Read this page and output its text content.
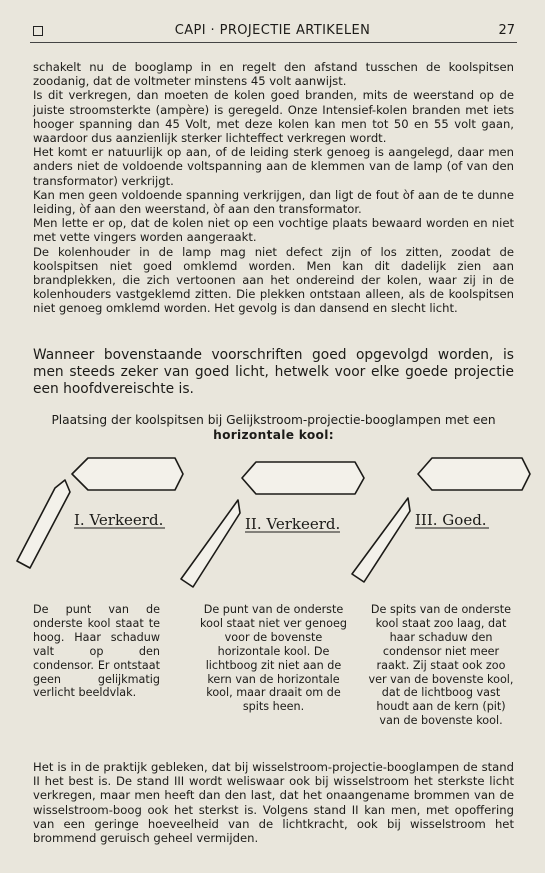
CAPI · PROJECTIE ARTIKELEN	27

schakelt nu de booglamp in en regelt den afstand tusschen de koolspitsen zoodanig, dat de voltmeter minstens 45 volt aanwijst.

Is dit verkregen, dan moeten de kolen goed branden, mits de weerstand op de juiste stroomsterkte (ampère) is geregeld. Onze Intensief-kolen branden met iets hooger spanning dan 45 Volt, met deze kolen kan men tot 50 en 55 volt gaan, waardoor dus aanzienlijk sterker lichteffect verkregen wordt.

Het komt er natuurlijk op aan, of de leiding sterk genoeg is aangelegd, daar men anders niet de voldoende voltspanning aan de klemmen van de lamp (of van den transformator) verkrijgt.

Kan men geen voldoende spanning verkrijgen, dan ligt de fout òf aan de te dunne leiding, òf aan den weerstand, òf aan den transformator.

Men lette er op, dat de kolen niet op een vochtige plaats bewaard worden en niet met vette vingers worden aangeraakt.

De kolenhouder in de lamp mag niet defect zijn of los zitten, zoodat de koolspitsen niet goed omklemd worden. Men kan dit dadelijk zien aan brandplekken, die zich vertoonen aan het ondereind der kolen, waar zij in de kolenhouders vastgeklemd zitten. Die plekken ontstaan alleen, als de koolspitsen niet genoeg omklemd worden. Het gevolg is dan dansend en slecht licht.

Wanneer bovenstaande voorschriften goed opgevolgd worden, is men steeds zeker van goed licht, hetwelk voor elke goede projectie een hoofdvereischte is.
Plaatsing der koolspitsen bij Gelijkstroom-projectie-booglampen met een
horizontale kool:
I. Verkeerd.	II. Verkeerd.	III. Goed.
De punt van de onderste kool staat te hoog. Haar schaduw valt op den condensor. Er ontstaat geen gelijkmatig verlicht beeldvlak.
De punt van de onderste kool staat niet ver genoeg voor de bovenste horizontale kool. De lichtboog zit niet aan de kern van de horizontale kool, maar draait om de spits heen.
De spits van de onderste kool staat zoo laag, dat haar schaduw den condensor niet meer raakt. Zij staat ook zoo ver van de bovenste kool, dat de lichtboog vast houdt aan de kern (pit) van de bovenste kool.
Het is in de praktijk gebleken, dat bij wisselstroom-projectie-booglampen de stand II het best is. De stand III wordt weliswaar ook bij wisselstroom het sterkste licht verkregen, maar men heeft dan den last, dat het onaangename brommen van de wisselstroom-boog ook het sterkst is. Volgens stand II kan men, met opoffering van een geringe hoeveelheid van de lichtkracht, ook bij wisselstroom het brommend geruisch geheel vermijden.
